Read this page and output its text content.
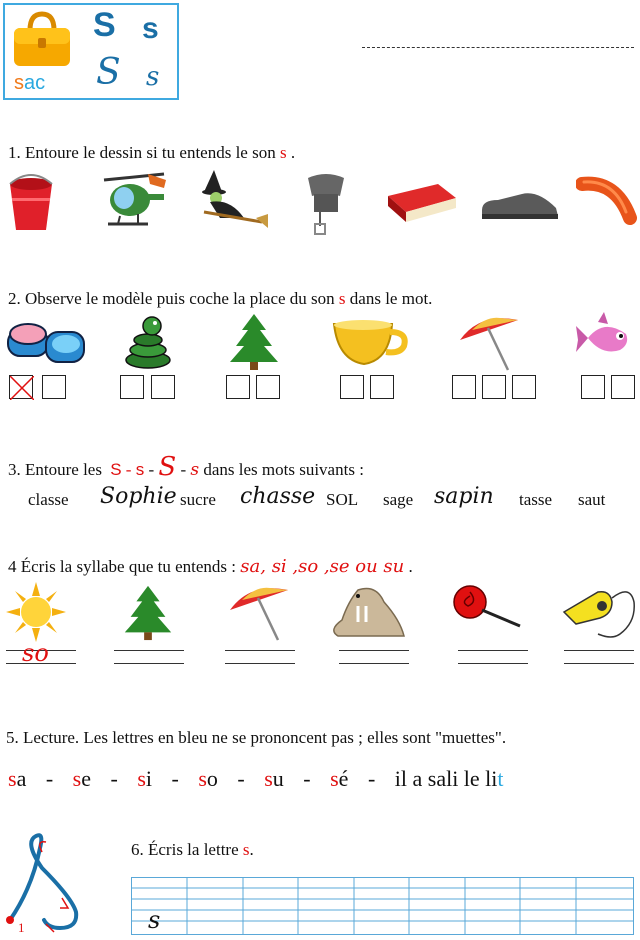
S s
sac S s
1. Entoure le dessin si tu entends le son s .
2. Observe le modèle puis coche la place du son s dans le mot.
3. Entoure les S - s - S - s dans les mots suivants :
classe Sophie sucre chasse SOL sage sapin tasse saut
4 Écris la syllabe que tu entends : sa, si ,so ,se ou su .
so
5. Lecture. Les lettres en bleu ne se prononcent pas ; elles sont "muettes".
sa - se - si - so - su - sé - il a sali le lit
1
6. Écris la lettre s.
s
